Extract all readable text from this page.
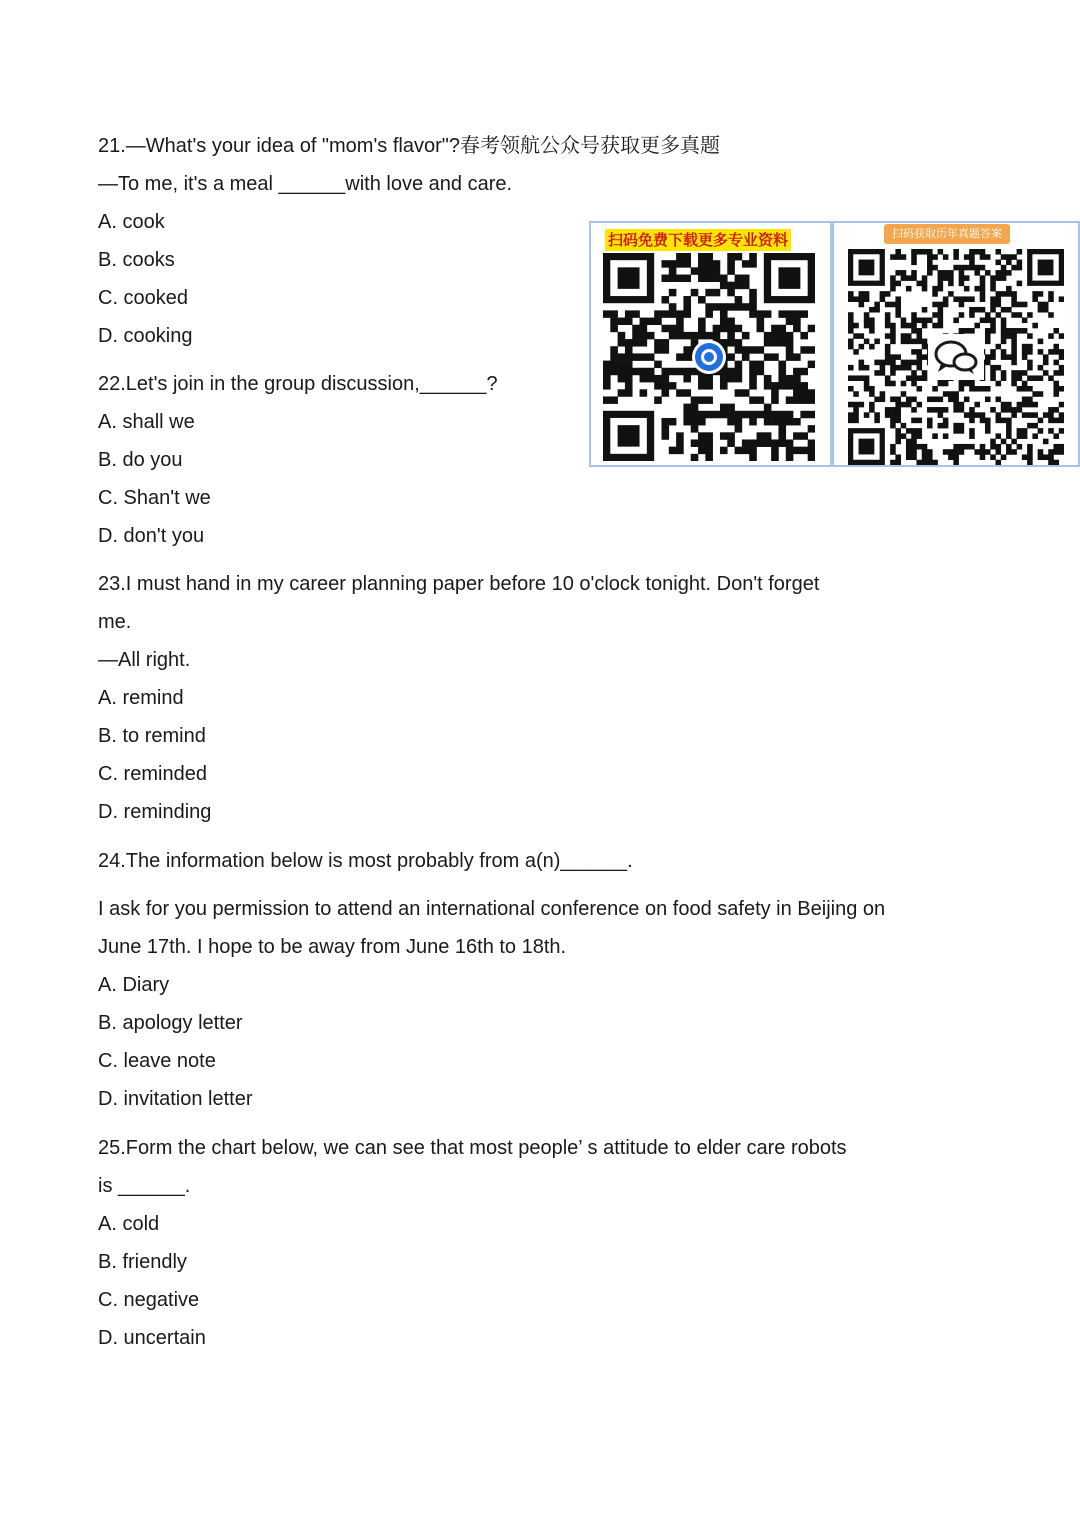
21.—What's your idea of "mom's flavor"?春考领航公众号获取更多真题

—To me, it's a meal ______with love and care.

A. cook

B. cooks

C. cooked

D. cooking

22.Let's join in the group discussion,______?

A. shall we

B. do you

C. Shan't we

D. don't you

23.I must hand in my career planning paper before 10 o'clock tonight. Don't forget

me.

—All right.

A. remind

B. to remind

C. reminded

D. reminding

24.The information below is most probably from a(n)______.

I ask for you permission to attend an international conference on food safety in Beijing on

June 17th. I hope to be away from June 16th to 18th.

A. Diary

B. apology letter

C. leave note

D. invitation letter

25.Form the chart below, we can see that most people’ s attitude to elder care robots

is ______.

A. cold

B. friendly

C. negative

D. uncertain

扫码免费下载更多专业资料	扫码获取历年真题答案
